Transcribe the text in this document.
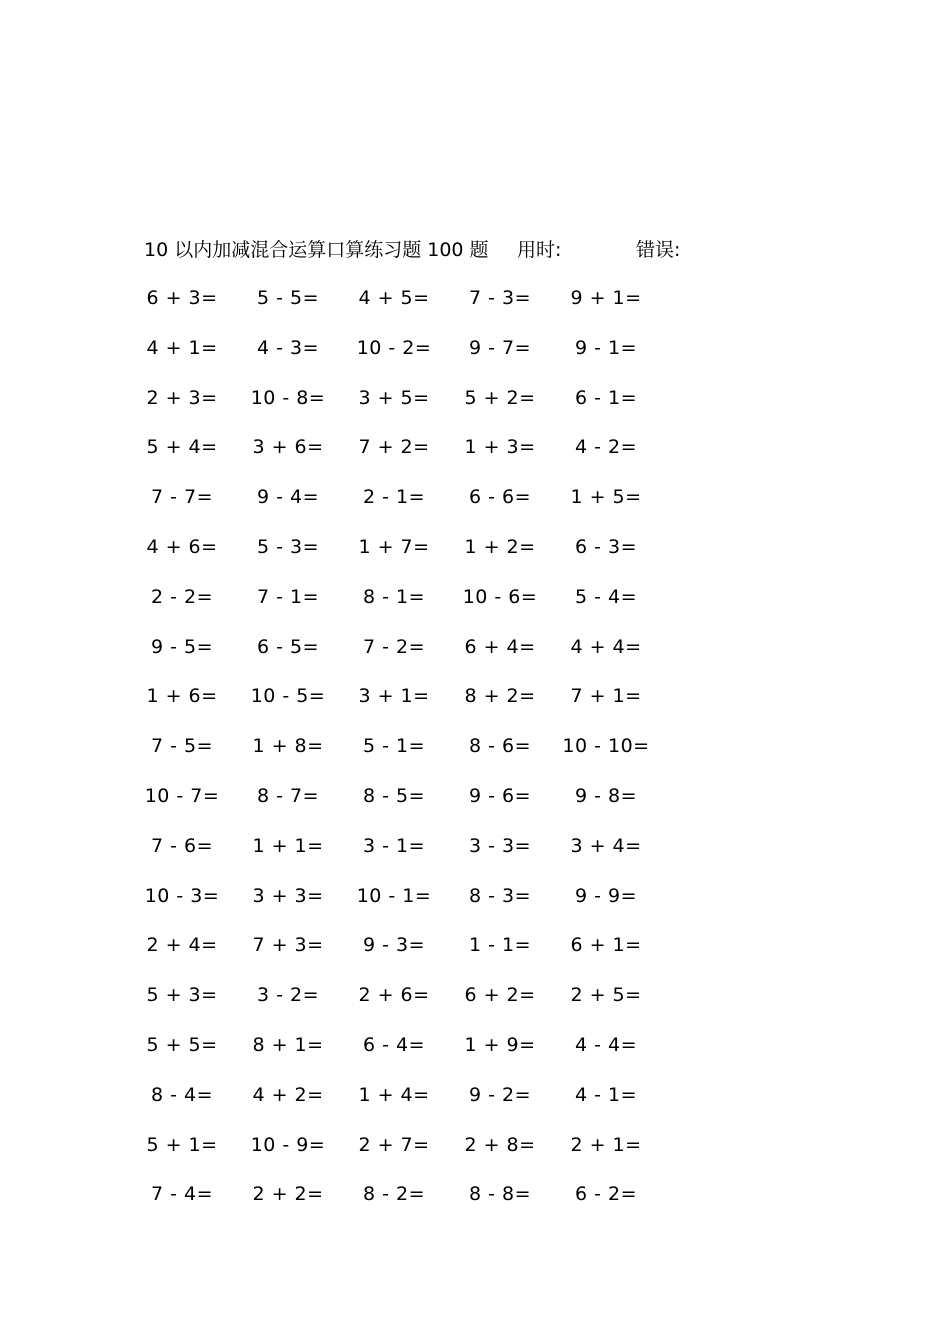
10 以内加减混合运算口算练习题 100 题 用时:	错误:
6 + 3=	5 - 5=	4 + 5=	7 - 3=	9 + 1=
4 + 1=	4 - 3=	10 - 2=	9 - 7=	9 - 1=
2 + 3=	10 - 8=	3 + 5=	5 + 2=	6 - 1=
5 + 4=	3 + 6=	7 + 2=	1 + 3=	4 - 2=
7 - 7=	9 - 4=	2 - 1=	6 - 6=	1 + 5=
4 + 6=	5 - 3=	1 + 7=	1 + 2=	6 - 3=
2 - 2=	7 - 1=	8 - 1=	10 - 6=	5 - 4=
9 - 5=	6 - 5=	7 - 2=	6 + 4=	4 + 4=
1 + 6=	10 - 5=	3 + 1=	8 + 2=	7 + 1=
7 - 5=	1 + 8=	5 - 1=	8 - 6=	10 - 10=
10 - 7=	8 - 7=	8 - 5=	9 - 6=	9 - 8=
7 - 6=	1 + 1=	3 - 1=	3 - 3=	3 + 4=
10 - 3=	3 + 3=	10 - 1=	8 - 3=	9 - 9=
2 + 4=	7 + 3=	9 - 3=	1 - 1=	6 + 1=
5 + 3=	3 - 2=	2 + 6=	6 + 2=	2 + 5=
5 + 5=	8 + 1=	6 - 4=	1 + 9=	4 - 4=
8 - 4=	4 + 2=	1 + 4=	9 - 2=	4 - 1=
5 + 1=	10 - 9=	2 + 7=	2 + 8=	2 + 1=
7 - 4=	2 + 2=	8 - 2=	8 - 8=	6 - 2=
